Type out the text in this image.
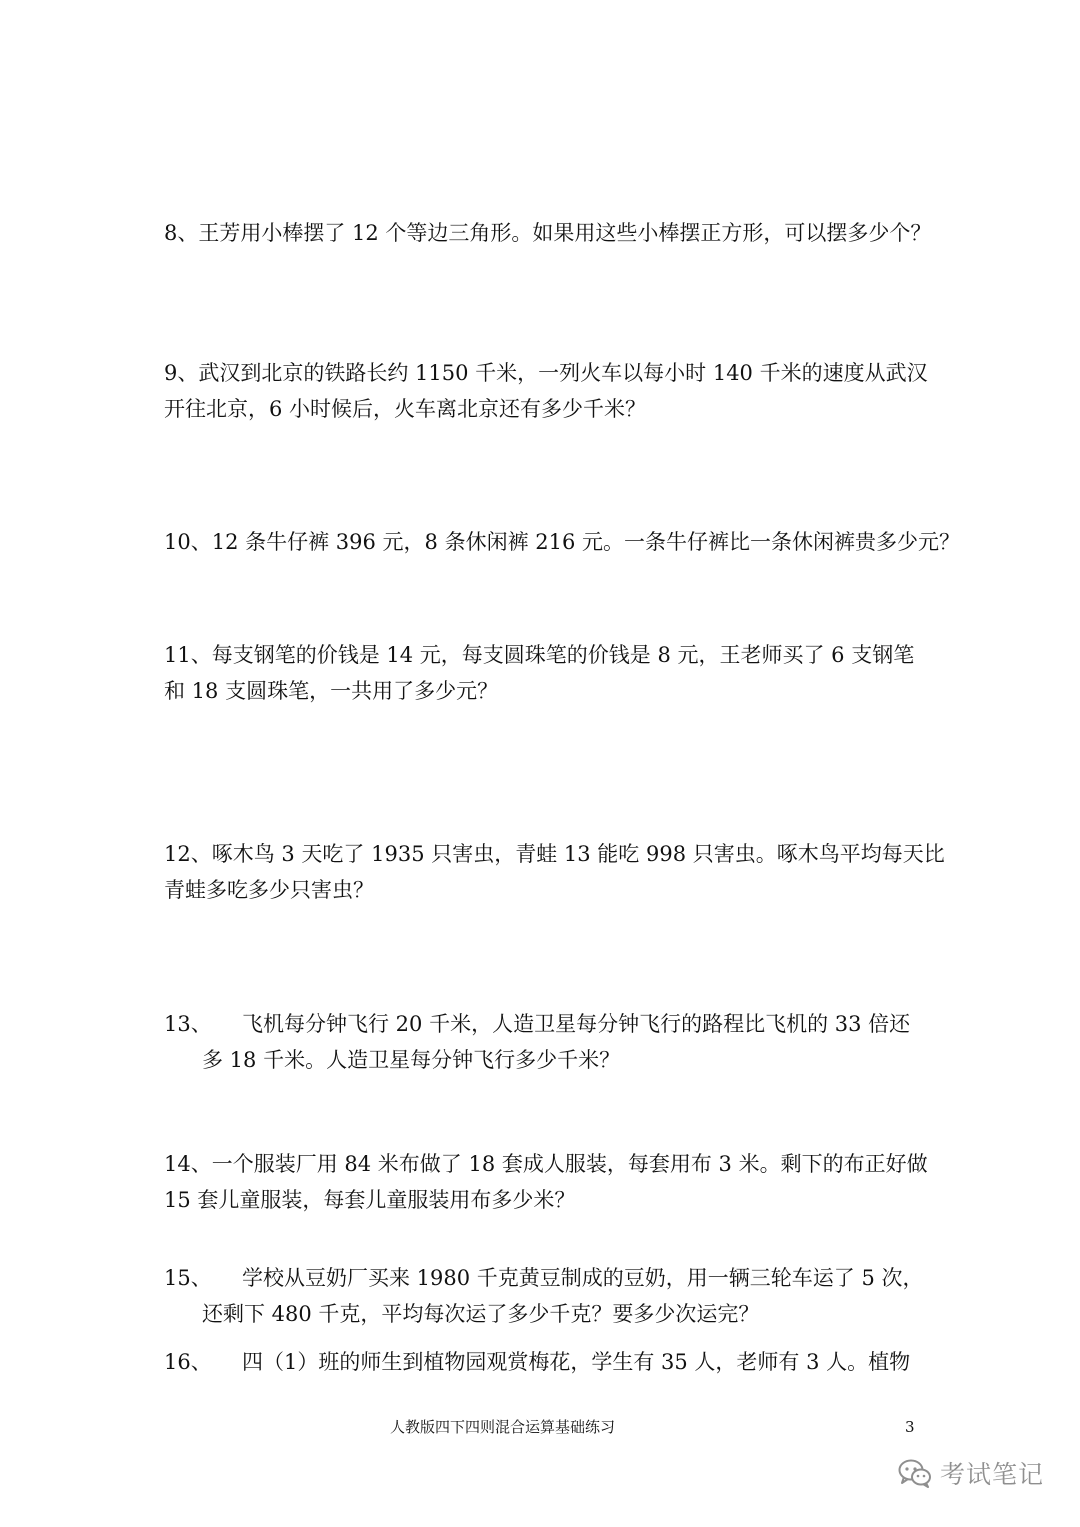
8、王芳用小棒摆了 12 个等边三角形。如果用这些小棒摆正方形，可以摆多少个？
9、武汉到北京的铁路长约 1150 千米，一列火车以每小时 140 千米的速度从武汉
开往北京，6 小时候后，火车离北京还有多少千米？
10、12 条牛仔裤 396 元，8 条休闲裤 216 元。一条牛仔裤比一条休闲裤贵多少元？
11、每支钢笔的价钱是 14 元，每支圆珠笔的价钱是 8 元，王老师买了 6 支钢笔
和 18 支圆珠笔，一共用了多少元？
12、啄木鸟 3 天吃了 1935 只害虫，青蛙 13 能吃 998 只害虫。啄木鸟平均每天比
青蛙多吃多少只害虫？
13、 飞机每分钟飞行 20 千米，人造卫星每分钟飞行的路程比飞机的 33 倍还
多 18 千米。人造卫星每分钟飞行多少千米？
14、一个服装厂用 84 米布做了 18 套成人服装，每套用布 3 米。剩下的布正好做
15 套儿童服装，每套儿童服装用布多少米？
15、 学校从豆奶厂买来 1980 千克黄豆制成的豆奶，用一辆三轮车运了 5 次，
还剩下 480 千克，平均每次运了多少千克？要多少次运完？
16、 四（1）班的师生到植物园观赏梅花，学生有 35 人，老师有 3 人。植物
人教版四下四则混合运算基础练习	3
考试笔记
